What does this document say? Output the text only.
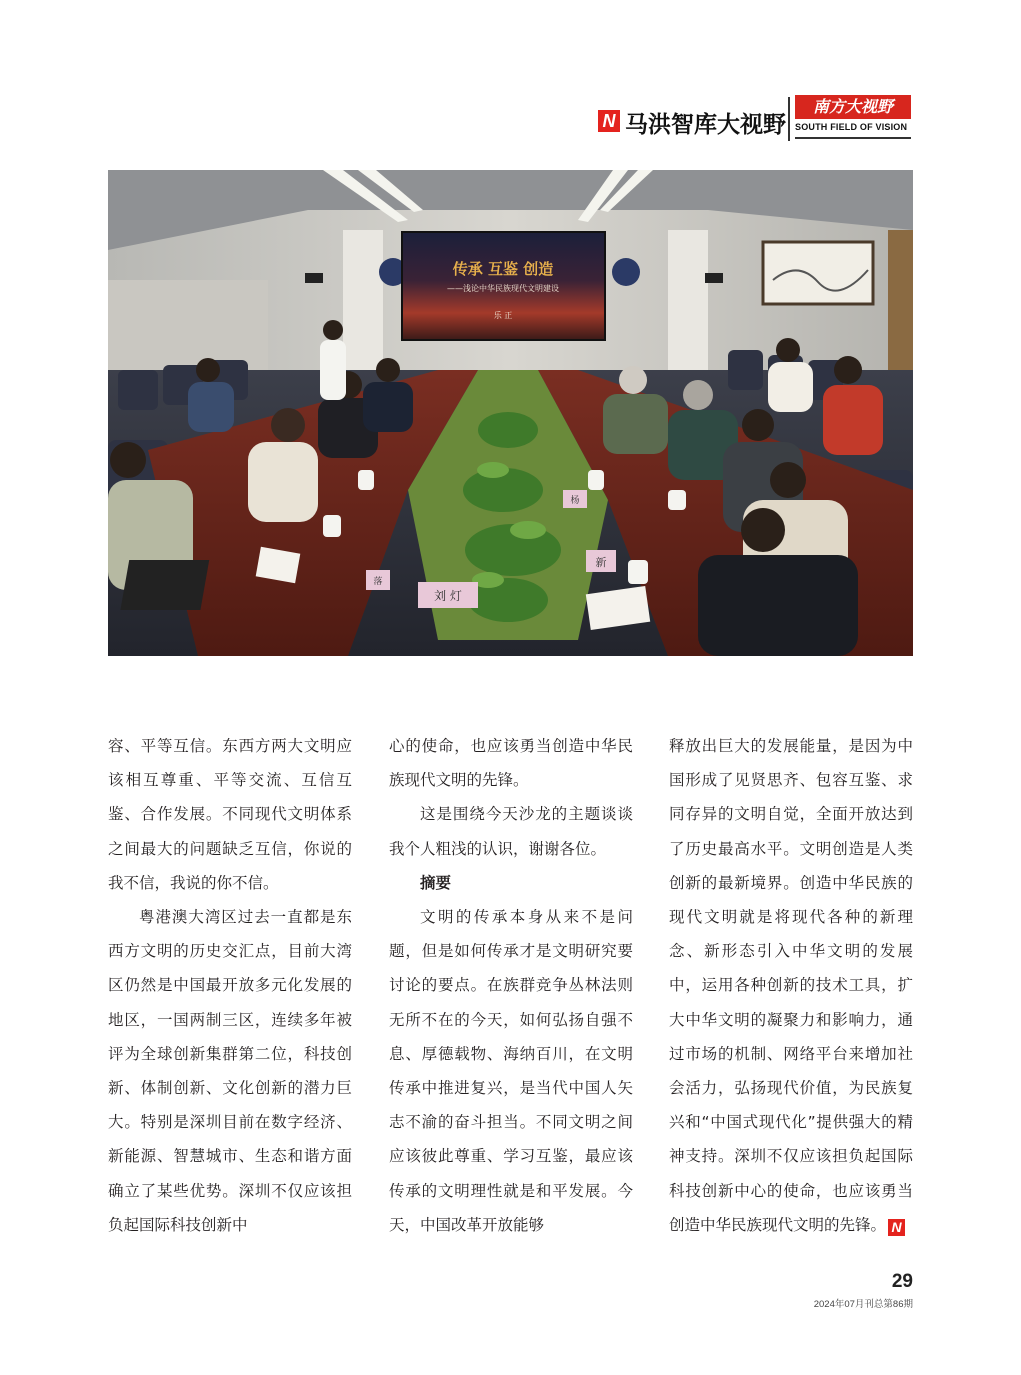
N 马洪智库大视野
南方大视野
SOUTH FIELD OF VISION
传承 互鉴 创造
——浅论中华民族现代文明建设
乐 正
刘 灯
新
杨
落

容、平等互信。东西方两大文明应该相互尊重、平等交流、互信互鉴、合作发展。不同现代文明体系之间最大的问题缺乏互信，你说的我不信，我说的你不信。

粤港澳大湾区过去一直都是东西方文明的历史交汇点，目前大湾区仍然是中国最开放多元化发展的地区，一国两制三区，连续多年被评为全球创新集群第二位，科技创新、体制创新、文化创新的潜力巨大。特别是深圳目前在数字经济、新能源、智慧城市、生态和谐方面确立了某些优势。深圳不仅应该担负起国际科技创新中

心的使命，也应该勇当创造中华民族现代文明的先锋。

这是围绕今天沙龙的主题谈谈我个人粗浅的认识，谢谢各位。

摘要

文明的传承本身从来不是问题，但是如何传承才是文明研究要讨论的要点。在族群竞争丛林法则无所不在的今天，如何弘扬自强不息、厚德载物、海纳百川，在文明传承中推进复兴，是当代中国人矢志不渝的奋斗担当。不同文明之间应该彼此尊重、学习互鉴，最应该传承的文明理性就是和平发展。今天，中国改革开放能够

释放出巨大的发展能量，是因为中国形成了见贤思齐、包容互鉴、求同存异的文明自觉，全面开放达到了历史最高水平。文明创造是人类创新的最新境界。创造中华民族的现代文明就是将现代各种的新理念、新形态引入中华文明的发展中，运用各种创新的技术工具，扩大中华文明的凝聚力和影响力，通过市场的机制、网络平台来增加社会活力，弘扬现代价值，为民族复兴和“中国式现代化”提供强大的精神支持。深圳不仅应该担负起国际科技创新中心的使命，也应该勇当创造中华民族现代文明的先锋。 N

29
2024年07月刊总第86期
